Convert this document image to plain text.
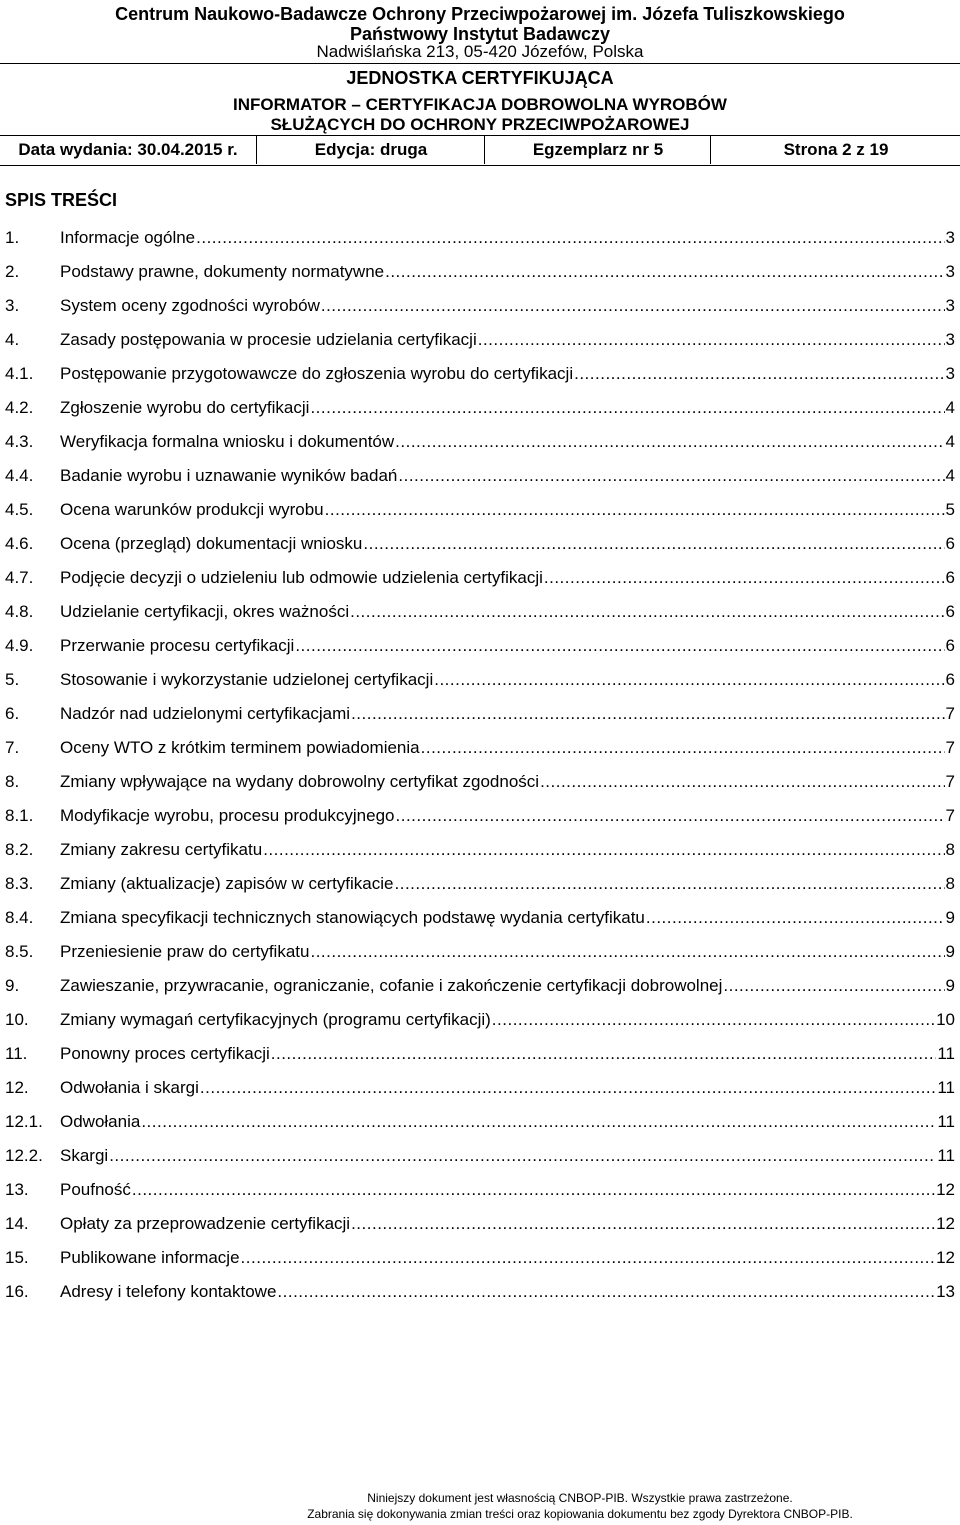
Centrum Naukowo-Badawcze Ochrony Przeciwpożarowej im. Józefa Tuliszkowskiego
Państwowy Instytut Badawczy
Nadwiślańska 213, 05-420 Józefów, Polska
JEDNOSTKA CERTYFIKUJĄCA
INFORMATOR – CERTYFIKACJA DOBROWOLNA WYROBÓW
SŁUŻĄCYCH DO OCHRONY PRZECIWPOŻAROWEJ
Data wydania: 30.04.2015 r.	Edycja: druga	Egzemplarz nr 5	Strona 2 z 19
SPIS TREŚCI
1. Informacje ogólne .....	3
2. Podstawy prawne, dokumenty normatywne .....	3
3. System oceny zgodności wyrobów .....	3
4. Zasady postępowania w procesie udzielania certyfikacji .....	3
4.1. Postępowanie przygotowawcze do zgłoszenia wyrobu do certyfikacji .....	3
4.2. Zgłoszenie wyrobu do certyfikacji .....	4
4.3. Weryfikacja formalna wniosku i dokumentów .....	4
4.4. Badanie wyrobu i uznawanie wyników badań .....	4
4.5. Ocena warunków produkcji wyrobu .....	5
4.6. Ocena (przegląd) dokumentacji wniosku .....	6
4.7. Podjęcie decyzji o udzieleniu lub odmowie udzielenia certyfikacji .....	6
4.8. Udzielanie certyfikacji, okres ważności .....	6
4.9. Przerwanie procesu certyfikacji .....	6
5. Stosowanie i wykorzystanie udzielonej certyfikacji .....	6
6. Nadzór nad udzielonymi certyfikacjami .....	7
7. Oceny WTO z krótkim terminem powiadomienia .....	7
8. Zmiany wpływające na wydany dobrowolny certyfikat zgodności .....	7
8.1. Modyfikacje wyrobu, procesu produkcyjnego .....	7
8.2. Zmiany zakresu certyfikatu .....	8
8.3. Zmiany (aktualizacje) zapisów w certyfikacie .....	8
8.4. Zmiana specyfikacji technicznych stanowiących podstawę wydania certyfikatu .....	9
8.5. Przeniesienie praw do certyfikatu .....	9
9. Zawieszanie, przywracanie, ograniczanie, cofanie i zakończenie certyfikacji dobrowolnej .....	9
10. Zmiany wymagań certyfikacyjnych (programu certyfikacji) .....	10
11. Ponowny proces certyfikacji .....	11
12. Odwołania i skargi .....	11
12.1. Odwołania .....	11
12.2. Skargi .....	11
13. Poufność .....	12
14. Opłaty za przeprowadzenie certyfikacji .....	12
15. Publikowane informacje .....	12
16. Adresy i telefony kontaktowe .....	13
Niniejszy dokument jest własnością CNBOP-PIB. Wszystkie prawa zastrzeżone.
Zabrania się dokonywania zmian treści oraz kopiowania dokumentu bez zgody Dyrektora CNBOP-PIB.
